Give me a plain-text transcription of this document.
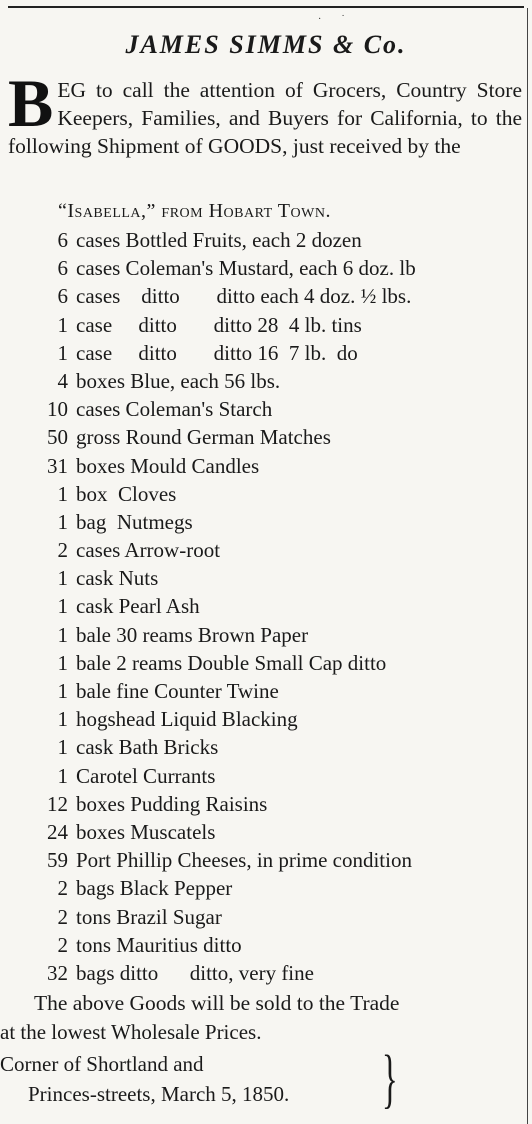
·˙
JAMES SIMMS & Co.

B EG to call the attention of Grocers, Country Store Keepers, Families, and Buyers for California, to the following Shipment of GOODS, just received by the

“Isabella,” from Hobart Town.
6 cases Bottled Fruits, each 2 dozen
6 cases Coleman's Mustard, each 6 doz. lb
6 cases    ditto       ditto each 4 doz. ½ lbs.
1 case     ditto       ditto 28  4 lb. tins
1 case     ditto       ditto 16  7 lb.  do
4 boxes Blue, each 56 lbs.
10 cases Coleman's Starch
50 gross Round German Matches
31 boxes Mould Candles
1 box  Cloves
1 bag  Nutmegs
2 cases Arrow-root
1 cask Nuts
1 cask Pearl Ash
1 bale 30 reams Brown Paper
1 bale 2 reams Double Small Cap ditto
1 bale fine Counter Twine
1 hogshead Liquid Blacking
1 cask Bath Bricks
1 Carotel Currants
12 boxes Pudding Raisins
24 boxes Muscatels
59 Port Phillip Cheeses, in prime condition
2 bags Black Pepper
2 tons Brazil Sugar
2 tons Mauritius ditto
32 bags ditto      ditto, very fine

The above Goods will be sold to the Trade

at the lowest Wholesale Prices.
Corner of Shortland and
Princes-streets, March 5, 1850. }
